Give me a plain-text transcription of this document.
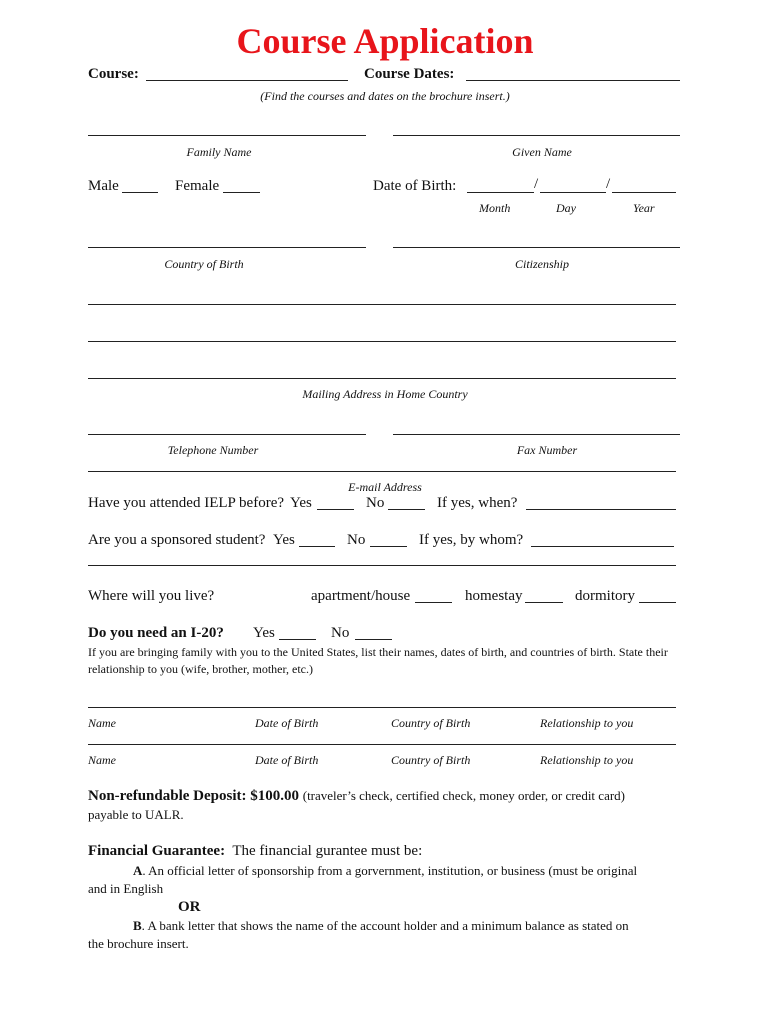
Course Application
Course:	Course Dates:
(Find the courses and dates on the brochure insert.)
Family Name	Given Name
Male	Female	Date of Birth:	/	/
Month	Day	Year
Country of Birth	Citizenship
Mailing Address in Home Country
Telephone Number	Fax Number
E-mail Address
Have you attended IELP before? Yes	No	If yes, when?
Are you a sponsored student? Yes	No	If yes, by whom?
Where will you live?	apartment/house	homestay	dormitory
Do you need an I-20? Yes	No
If you are bringing family with you to the United States, list their names, dates of birth, and countries of birth. State their relationship to you (wife, brother, mother, etc.)
Name	Date of Birth	Country of Birth	Relationship to you
Name	Date of Birth	Country of Birth	Relationship to you
Non-refundable Deposit: $100.00 (traveler’s check, certified check, money order, or credit card)
payable to UALR.
Financial Guarantee: The financial gurantee must be:
A. An official letter of sponsorship from a gorvernment, institution, or business (must be original
and in English
OR
B. A bank letter that shows the name of the account holder and a minimum balance as stated on
the brochure insert.
